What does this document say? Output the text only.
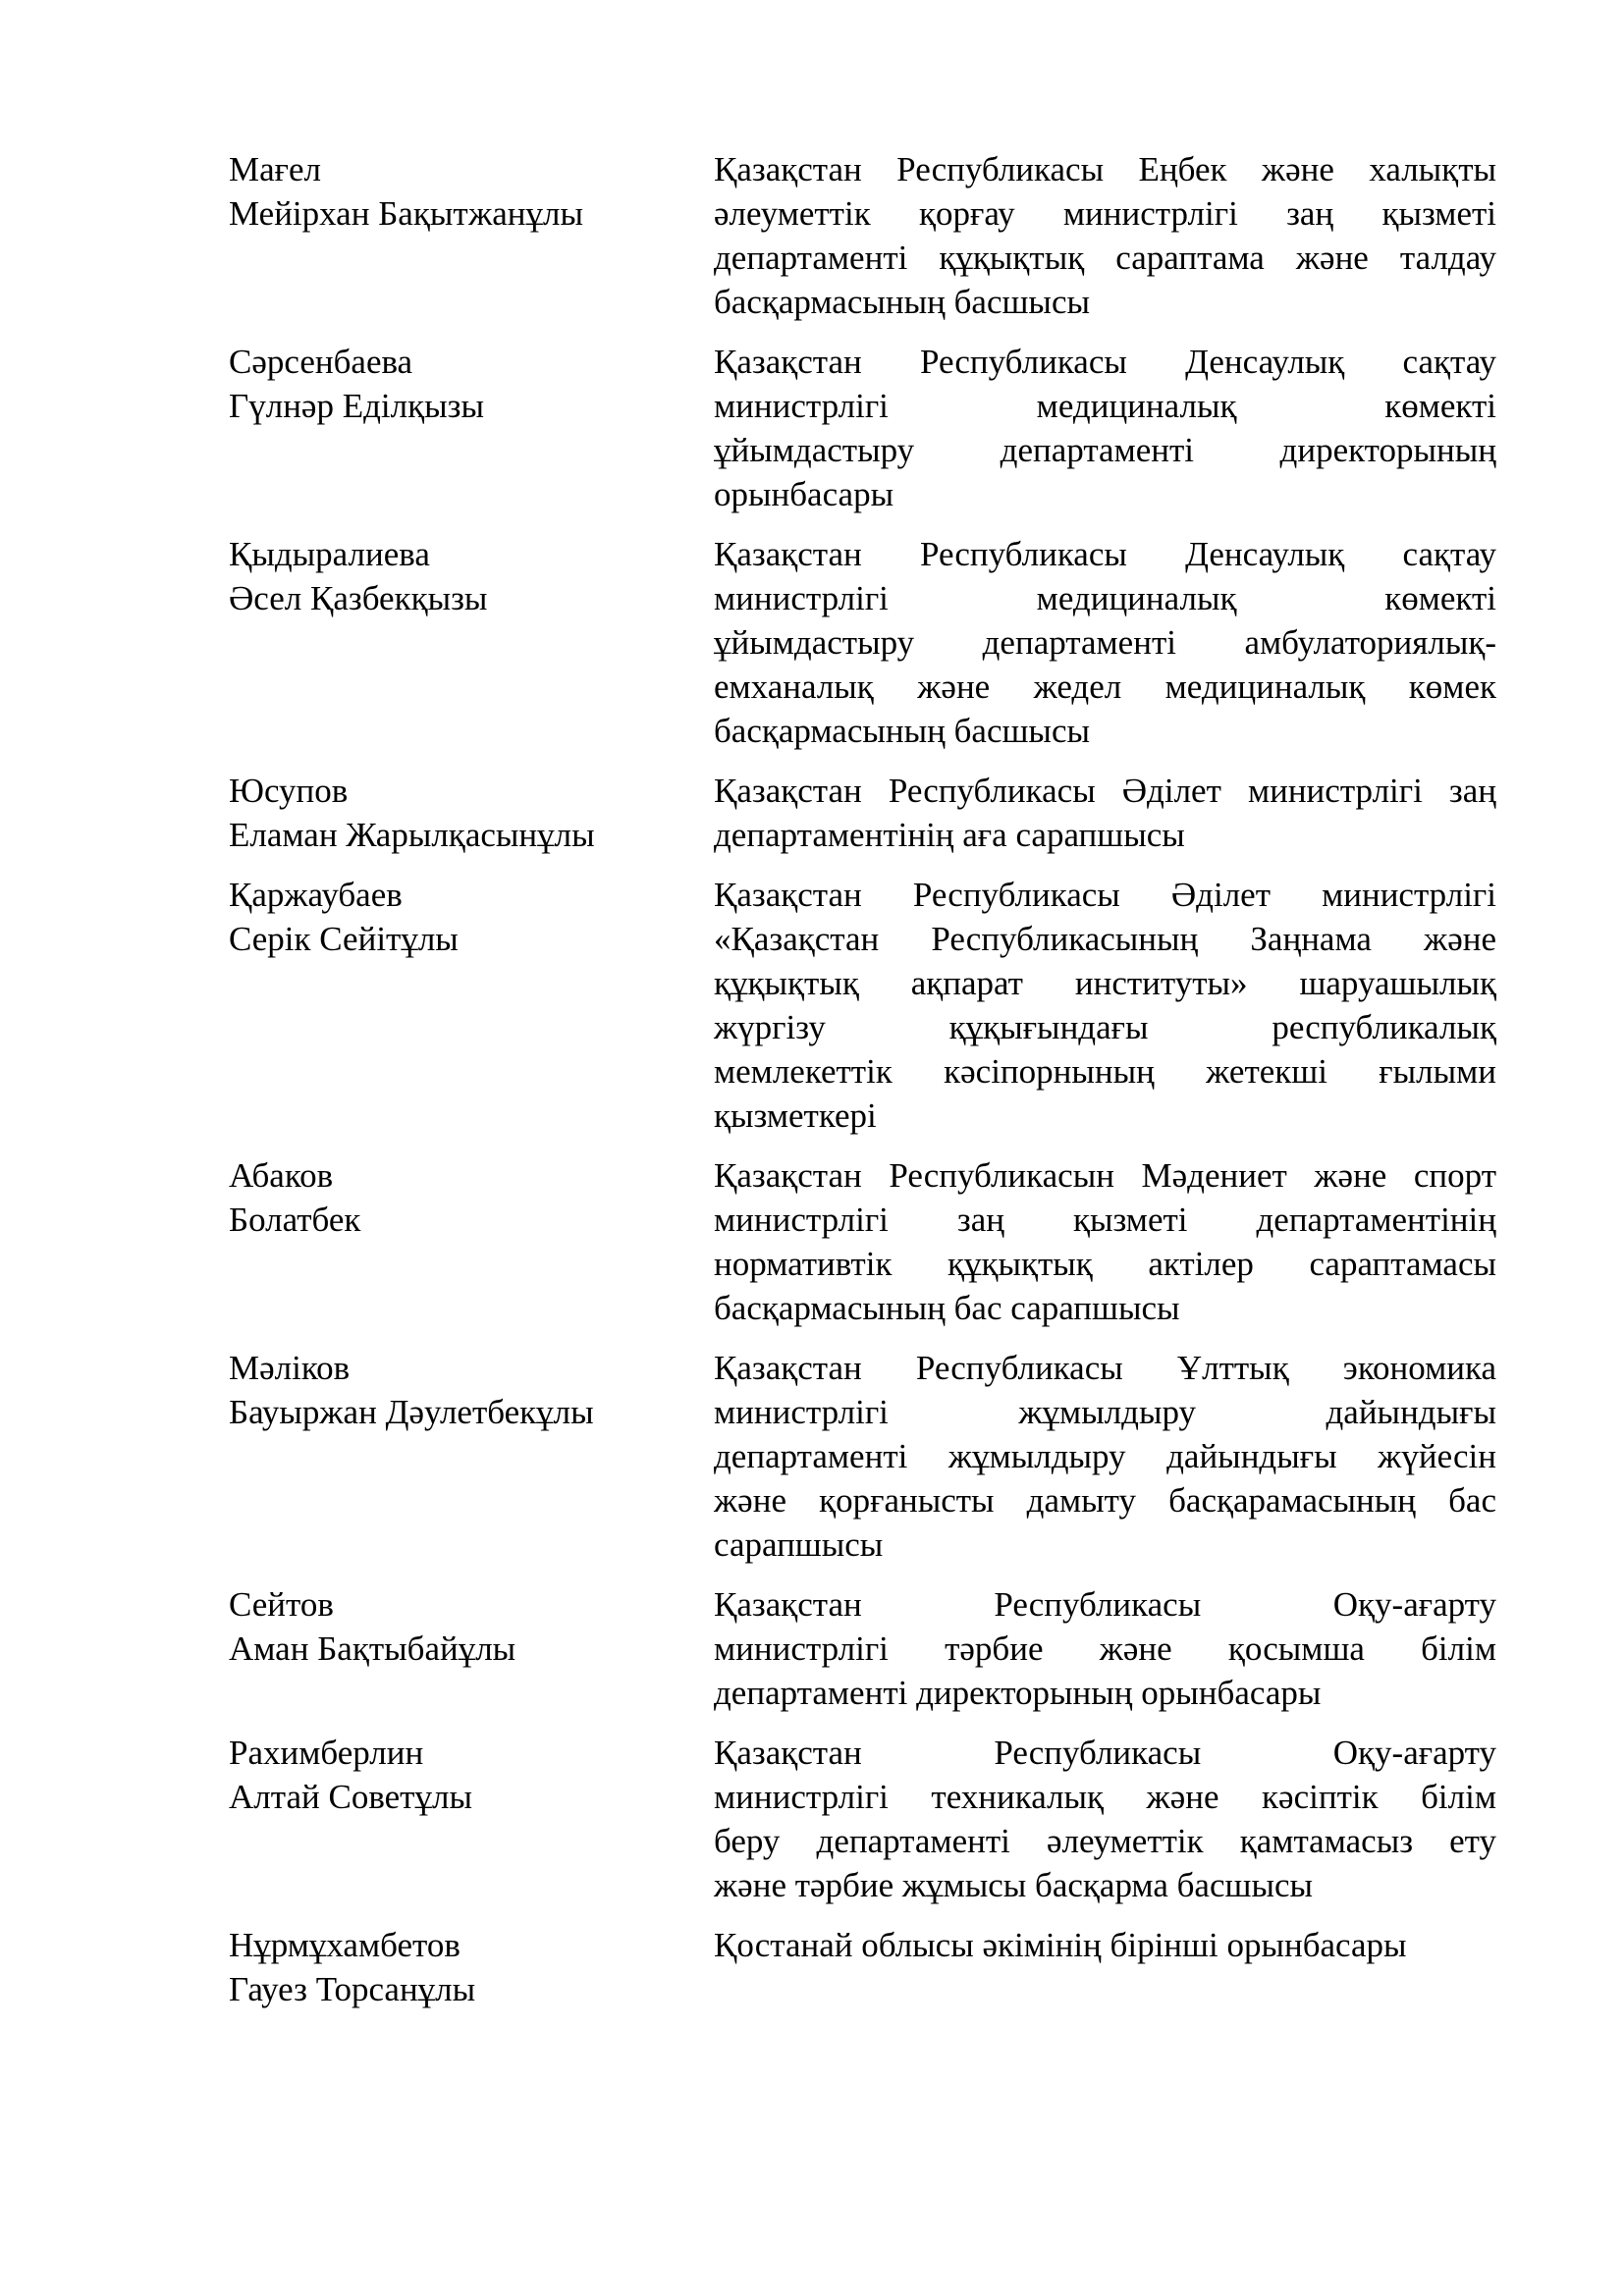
Мағел
Мейірхан Бақытжанұлы
Қазақстан Республикасы Еңбек және халықты
әлеуметтік қорғау министрлігі заң қызметі
департаменті құқықтық сараптама және талдау
басқармасының басшысы
Сәрсенбаева
Гүлнәр Еділқызы
Қазақстан Республикасы Денсаулық сақтау
министрлігі медициналық көмекті
ұйымдастыру департаменті директорының
орынбасары
Қыдыралиева
Әсел Қазбекқызы
Қазақстан Республикасы Денсаулық сақтау
министрлігі медициналық көмекті
ұйымдастыру департаменті амбулаториялық-
емханалық және жедел медициналық көмек
басқармасының басшысы
Юсупов
Еламан Жарылқасынұлы
Қазақстан Республикасы Әділет министрлігі заң
департаментінің аға сарапшысы
Қаржаубаев
Серік Сейітұлы
Қазақстан Республикасы Әділет министрлігі
«Қазақстан Республикасының Заңнама және
құқықтық ақпарат институты» шаруашылық
жүргізу құқығындағы республикалық
мемлекеттік кәсіпорнының жетекші ғылыми
қызметкері
Абаков
Болатбек
Қазақстан Республикасын Мәдениет және спорт
министрлігі заң қызметі департаментінің
нормативтік құқықтық актілер сараптамасы
басқармасының бас сарапшысы
Мәліков
Бауыржан Дәулетбекұлы
Қазақстан Республикасы Ұлттық экономика
министрлігі жұмылдыру дайындығы
департаменті жұмылдыру дайындығы жүйесін
және қорғанысты дамыту басқарамасының бас
сарапшысы
Сейтов
Аман Бақтыбайұлы
Қазақстан Республикасы Оқу-ағарту
министрлігі тәрбие және қосымша білім
департаменті директорының орынбасары
Рахимберлин
Алтай Советұлы
Қазақстан Республикасы Оқу-ағарту
министрлігі техникалық және кәсіптік білім
беру департаменті әлеуметтік қамтамасыз ету
және тәрбие жұмысы басқарма басшысы
Нұрмұхамбетов
Гауез Торсанұлы
Қостанай облысы әкімінің бірінші орынбасары
